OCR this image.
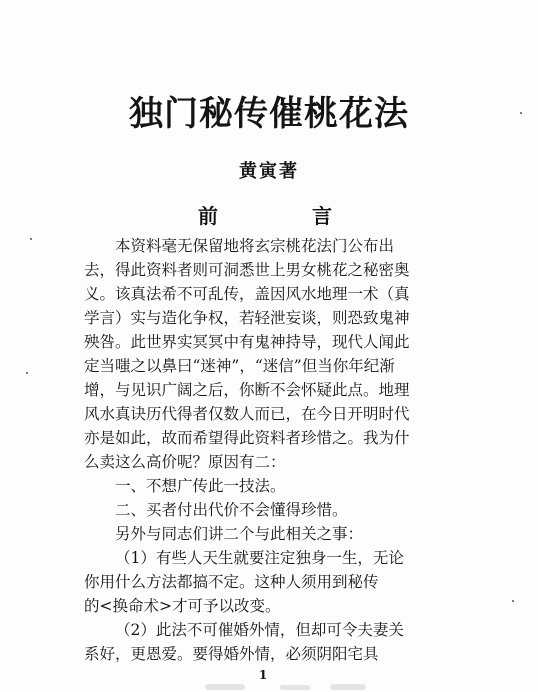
独门秘传催桃花法
黄寅著
前	言
本资料毫无保留地将玄宗桃花法门公布出
去，得此资料者则可洞悉世上男女桃花之秘密奥
义。该真法希不可乱传，盖因风水地理一术（真
学言）实与造化争权，若轻泄妄谈，则恐致鬼神
殃咎。此世界实冥冥中有鬼神持导，现代人闻此
定当嗤之以鼻曰“迷神”，“迷信”但当你年纪渐
增，与见识广阔之后，你断不会怀疑此点。地理
风水真诀历代得者仅数人而已，在今日开明时代
亦是如此，故而希望得此资料者珍惜之。我为什
么卖这么高价呢？原因有二：
一、不想广传此一技法。
二、买者付出代价不会懂得珍惜。
另外与同志们讲二个与此相关之事：
（1）有些人天生就要注定独身一生，无论
你用什么方法都搞不定。这种人须用到秘传
的<换命术>才可予以改变。
（2）此法不可催婚外情，但却可令夫妻关
系好，更恩爱。要得婚外情，必须阴阳宅具
1
